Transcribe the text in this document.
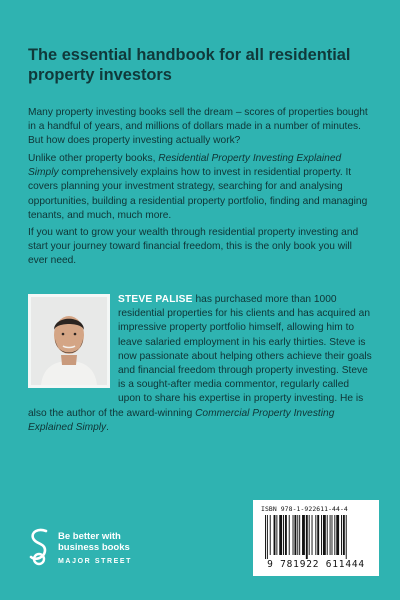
The essential handbook for all residential property investors

Many property investing books sell the dream – scores of properties bought in a handful of years, and millions of dollars made in a number of minutes. But how does property investing actually work?

Unlike other property books, Residential Property Investing Explained Simply comprehensively explains how to invest in residential property. It covers planning your investment strategy, searching for and analysing opportunities, building a residential property portfolio, finding and managing tenants, and much, much more.

If you want to grow your wealth through residential property investing and start your journey toward financial freedom, this is the only book you will ever need.

STEVE PALISE has purchased more than 1000 residential properties for his clients and has acquired an impressive property portfolio himself, allowing him to leave salaried employment in his early thirties. Steve is now passionate about helping others achieve their goals and financial freedom through property investing. Steve is a sought-after media commentor, regularly called upon to share his expertise in property investing. He is also the author of the award-winning Commercial Property Investing Explained Simply.

Be better with

business books

MAJOR STREET

ISBN 978-1-922611-44-4

9 781922 611444
